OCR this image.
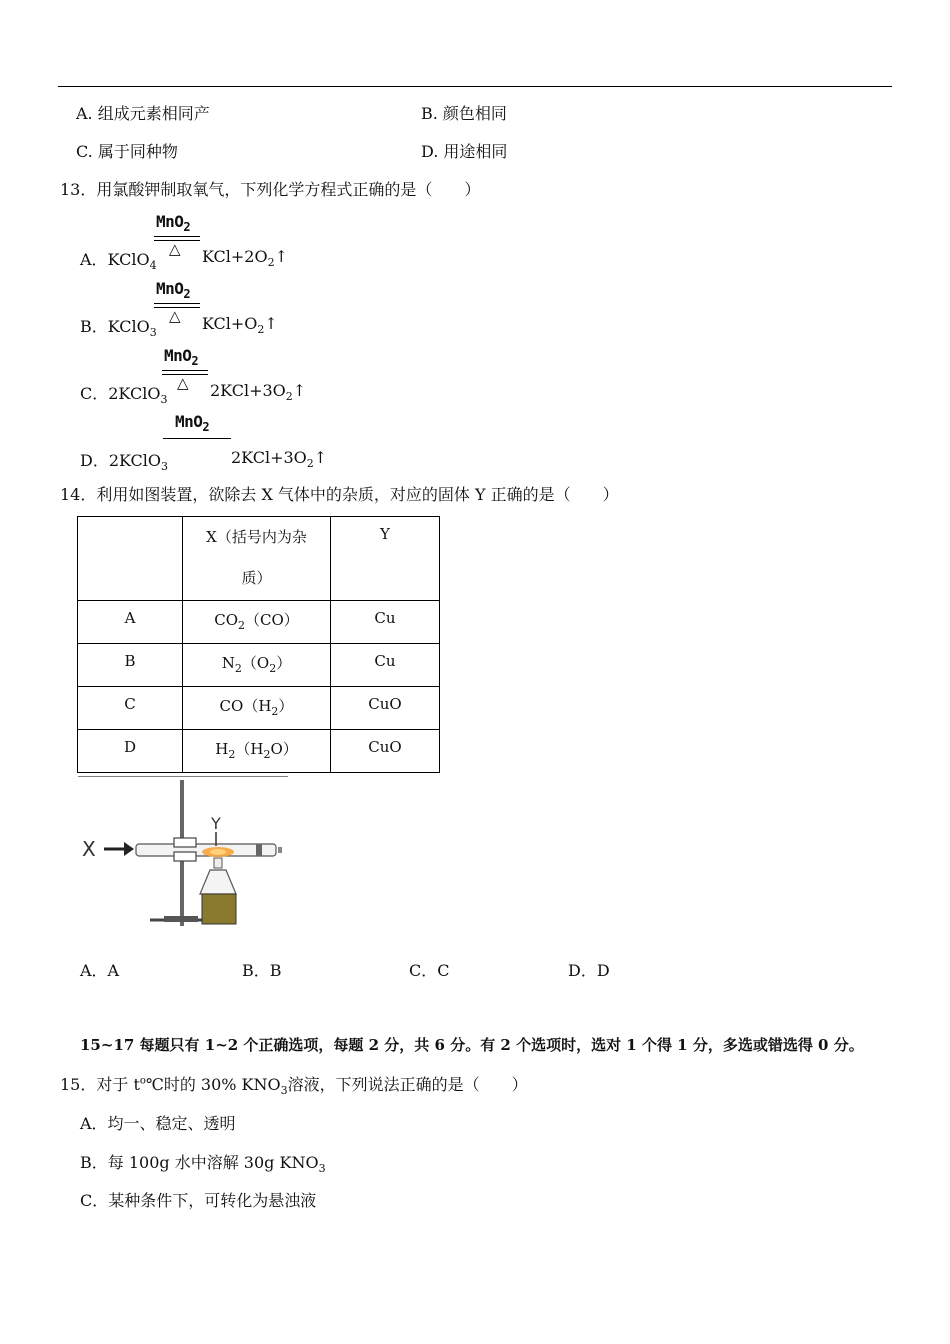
A. 组成元素相同产	B. 颜色相同
C. 属于同种物	D. 用途相同
13．用氯酸钾制取氧气，下列化学方程式正确的是（　　）
MnO$_2$
△
A．KClO$_4$	$KCl+2O_2↑$
MnO$_2$
△
B．KClO$_3$	$KCl+O_2↑$
MnO$_2$
△
C．2KClO$_3$	$2KCl+3O_2↑$
MnO$_2$
D．2KClO$_3$	$2KCl+3O_2↑$
14．利用如图装置，欲除去 X 气体中的杂质，对应的固体 Y 正确的是（　　）

	X（括号内为杂
质）	Y
A	$CO_2(CO)$	Cu
B	$N_2(O_2)$	Cu
C	$CO(H_2)$	CuO
D	$H_2(H_2O)$	CuO
X
Y
A．A	B．B	C．C	D．D
15~17 每题只有 1~2 个正确选项，每题 2 分，共 6 分。有 2 个选项时，选对 1 个得 1 分，多选或错选得 0 分。
15．对于 $t^o℃$时的 30% $KNO_3$溶液，下列说法正确的是（　　）
A．均一、稳定、透明
B．每 100g 水中溶解 30g $KNO_3$
C．某种条件下，可转化为悬浊液
